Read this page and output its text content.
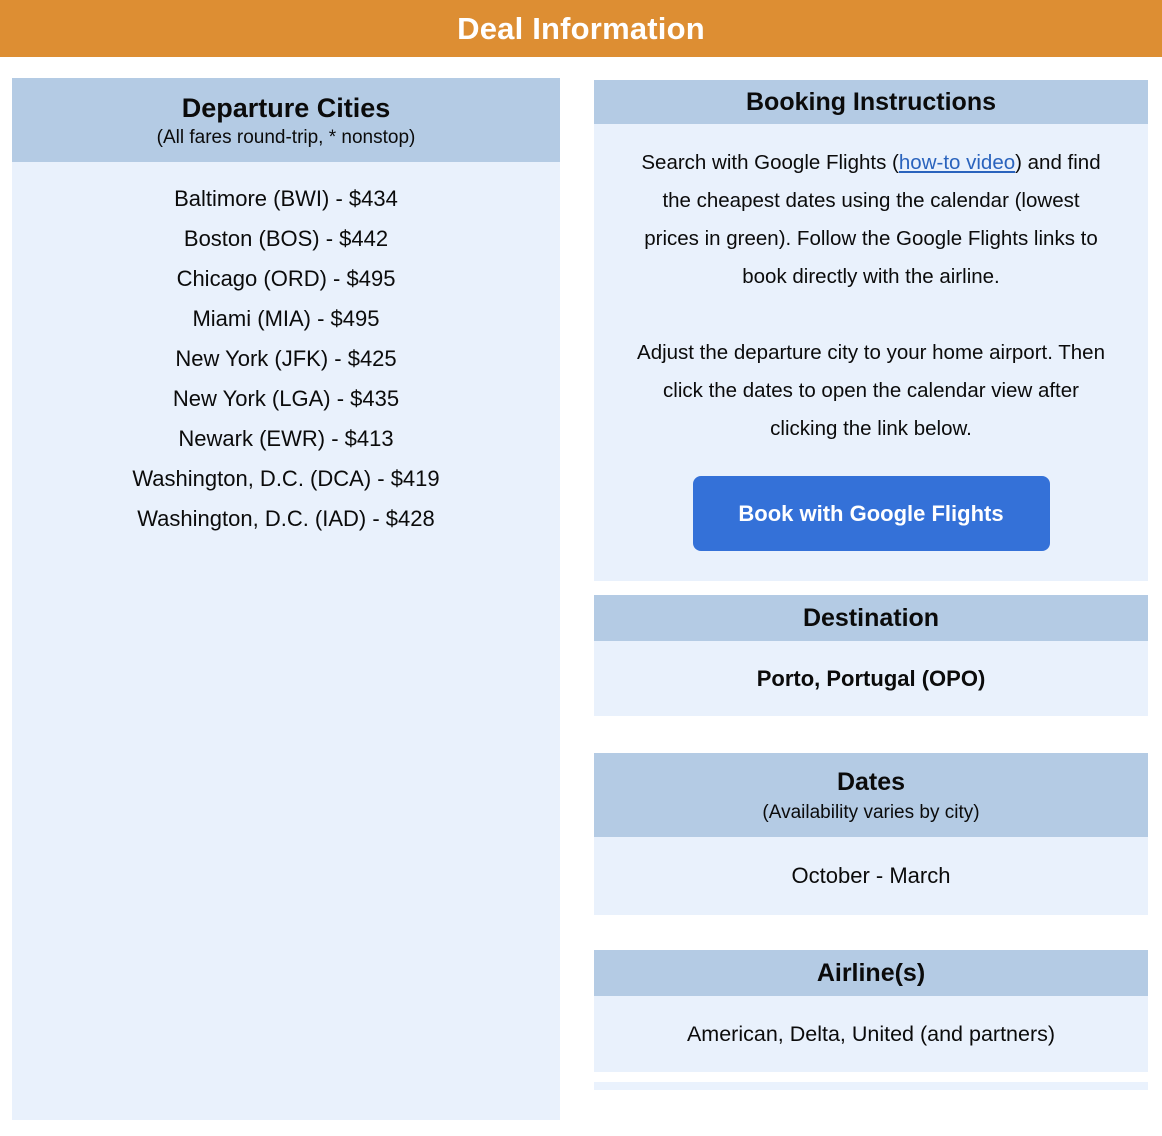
Deal Information
Departure Cities
(All fares round-trip, * nonstop)
Baltimore (BWI) - $434
Boston (BOS) - $442
Chicago (ORD) - $495
Miami (MIA) - $495
New York (JFK) - $425
New York (LGA) - $435
Newark (EWR) - $413
Washington, D.C. (DCA) - $419
Washington, D.C. (IAD) - $428
Booking Instructions

Search with Google Flights (how-to video) and find the cheapest dates using the calendar (lowest prices in green). Follow the Google Flights links to book directly with the airline.

Adjust the departure city to your home airport. Then click the dates to open the calendar view after clicking the link below.

Book with Google Flights
Destination
Porto, Portugal (OPO)
Dates
(Availability varies by city)
October - March
Airline(s)
American, Delta, United (and partners)
